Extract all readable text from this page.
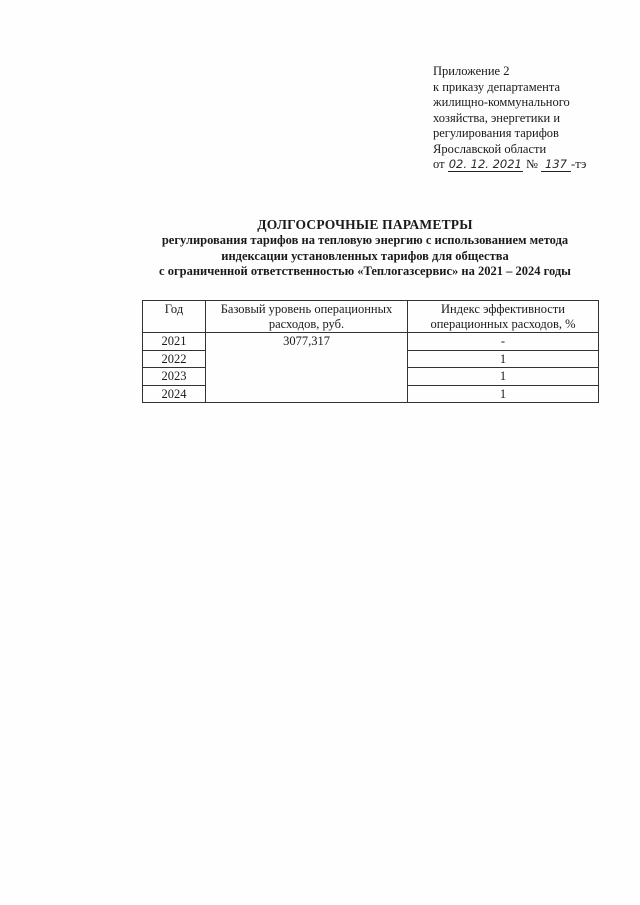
Приложение 2
к приказу департамента
жилищно-коммунального
хозяйства, энергетики и
регулирования тарифов
Ярославской области
от 02. 12. 2021 № 137 -тэ
ДОЛГОСРОЧНЫЕ ПАРАМЕТРЫ
регулирования тарифов на тепловую энергию с использованием метода
индексации установленных тарифов для общества
с ограниченной ответственностью «Теплогазсервис» на 2021 – 2024 годы
Год	Базовый уровень операционных расходов, руб.	Индекс эффективности операционных расходов, %
2021	3077,317	-
2022		1
2023		1
2024		1
